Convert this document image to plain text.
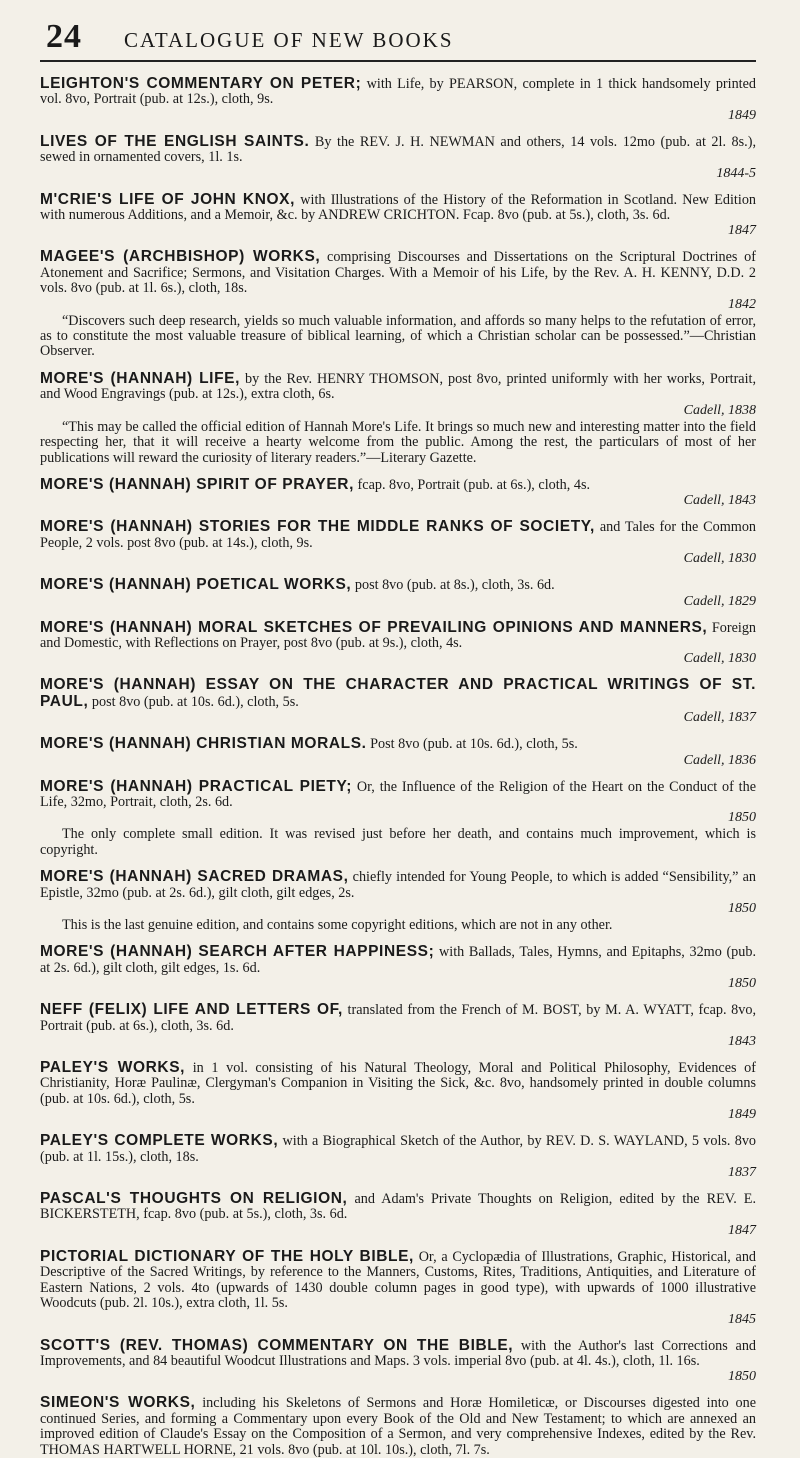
24 CATALOGUE OF NEW BOOKS
LEIGHTON'S COMMENTARY ON PETER; with Life, by PEARSON, complete in 1 thick handsomely printed vol. 8vo, Portrait (pub. at 12s.), cloth, 9s.
1849
LIVES OF THE ENGLISH SAINTS. By the REV. J. H. NEWMAN and others, 14 vols. 12mo (pub. at 2l. 8s.), sewed in ornamented covers, 1l. 1s.
1844-5
M'CRIE'S LIFE OF JOHN KNOX, with Illustrations of the History of the Reformation in Scotland. New Edition with numerous Additions, and a Memoir, &c. by ANDREW CRICHTON. Fcap. 8vo (pub. at 5s.), cloth, 3s. 6d.
1847
MAGEE'S (ARCHBISHOP) WORKS, comprising Discourses and Dissertations on the Scriptural Doctrines of Atonement and Sacrifice; Sermons, and Visitation Charges. With a Memoir of his Life, by the Rev. A. H. KENNY, D.D. 2 vols. 8vo (pub. at 1l. 6s.), cloth, 18s.
1842
“Discovers such deep research, yields so much valuable information, and affords so many helps to the refutation of error, as to constitute the most valuable treasure of biblical learning, of which a Christian scholar can be possessed.”—Christian Observer.
MORE'S (HANNAH) LIFE, by the Rev. HENRY THOMSON, post 8vo, printed uniformly with her works, Portrait, and Wood Engravings (pub. at 12s.), extra cloth, 6s.
Cadell, 1838
“This may be called the official edition of Hannah More's Life. It brings so much new and interesting matter into the field respecting her, that it will receive a hearty welcome from the public. Among the rest, the particulars of most of her publications will reward the curiosity of literary readers.”—Literary Gazette.
MORE'S (HANNAH) SPIRIT OF PRAYER, fcap. 8vo, Portrait (pub. at 6s.), cloth, 4s.
Cadell, 1843
MORE'S (HANNAH) STORIES FOR THE MIDDLE RANKS OF SOCIETY, and Tales for the Common People, 2 vols. post 8vo (pub. at 14s.), cloth, 9s.
Cadell, 1830
MORE'S (HANNAH) POETICAL WORKS, post 8vo (pub. at 8s.), cloth, 3s. 6d.
Cadell, 1829
MORE'S (HANNAH) MORAL SKETCHES OF PREVAILING OPINIONS AND MANNERS, Foreign and Domestic, with Reflections on Prayer, post 8vo (pub. at 9s.), cloth, 4s.
Cadell, 1830
MORE'S (HANNAH) ESSAY ON THE CHARACTER AND PRACTICAL WRITINGS OF ST. PAUL, post 8vo (pub. at 10s. 6d.), cloth, 5s.
Cadell, 1837
MORE'S (HANNAH) CHRISTIAN MORALS. Post 8vo (pub. at 10s. 6d.), cloth, 5s.
Cadell, 1836
MORE'S (HANNAH) PRACTICAL PIETY; Or, the Influence of the Religion of the Heart on the Conduct of the Life, 32mo, Portrait, cloth, 2s. 6d.
1850
The only complete small edition. It was revised just before her death, and contains much improvement, which is copyright.
MORE'S (HANNAH) SACRED DRAMAS, chiefly intended for Young People, to which is added “Sensibility,” an Epistle, 32mo (pub. at 2s. 6d.), gilt cloth, gilt edges, 2s.
1850
This is the last genuine edition, and contains some copyright editions, which are not in any other.
MORE'S (HANNAH) SEARCH AFTER HAPPINESS; with Ballads, Tales, Hymns, and Epitaphs, 32mo (pub. at 2s. 6d.), gilt cloth, gilt edges, 1s. 6d.
1850
NEFF (FELIX) LIFE AND LETTERS OF, translated from the French of M. BOST, by M. A. WYATT, fcap. 8vo, Portrait (pub. at 6s.), cloth, 3s. 6d.
1843
PALEY'S WORKS, in 1 vol. consisting of his Natural Theology, Moral and Political Philosophy, Evidences of Christianity, Horæ Paulinæ, Clergyman's Companion in Visiting the Sick, &c. 8vo, handsomely printed in double columns (pub. at 10s. 6d.), cloth, 5s.
1849
PALEY'S COMPLETE WORKS, with a Biographical Sketch of the Author, by REV. D. S. WAYLAND, 5 vols. 8vo (pub. at 1l. 15s.), cloth, 18s.
1837
PASCAL'S THOUGHTS ON RELIGION, and Adam's Private Thoughts on Religion, edited by the REV. E. BICKERSTETH, fcap. 8vo (pub. at 5s.), cloth, 3s. 6d.
1847
PICTORIAL DICTIONARY OF THE HOLY BIBLE, Or, a Cyclopædia of Illustrations, Graphic, Historical, and Descriptive of the Sacred Writings, by reference to the Manners, Customs, Rites, Traditions, Antiquities, and Literature of Eastern Nations, 2 vols. 4to (upwards of 1430 double column pages in good type), with upwards of 1000 illustrative Woodcuts (pub. 2l. 10s.), extra cloth, 1l. 5s.
1845
SCOTT'S (REV. THOMAS) COMMENTARY ON THE BIBLE, with the Author's last Corrections and Improvements, and 84 beautiful Woodcut Illustrations and Maps. 3 vols. imperial 8vo (pub. at 4l. 4s.), cloth, 1l. 16s.
1850
SIMEON'S WORKS, including his Skeletons of Sermons and Horæ Homileticæ, or Discourses digested into one continued Series, and forming a Commentary upon every Book of the Old and New Testament; to which are annexed an improved edition of Claude's Essay on the Composition of a Sermon, and very comprehensive Indexes, edited by the Rev. THOMAS HARTWELL HORNE, 21 vols. 8vo (pub. at 10l. 10s.), cloth, 7l. 7s.
